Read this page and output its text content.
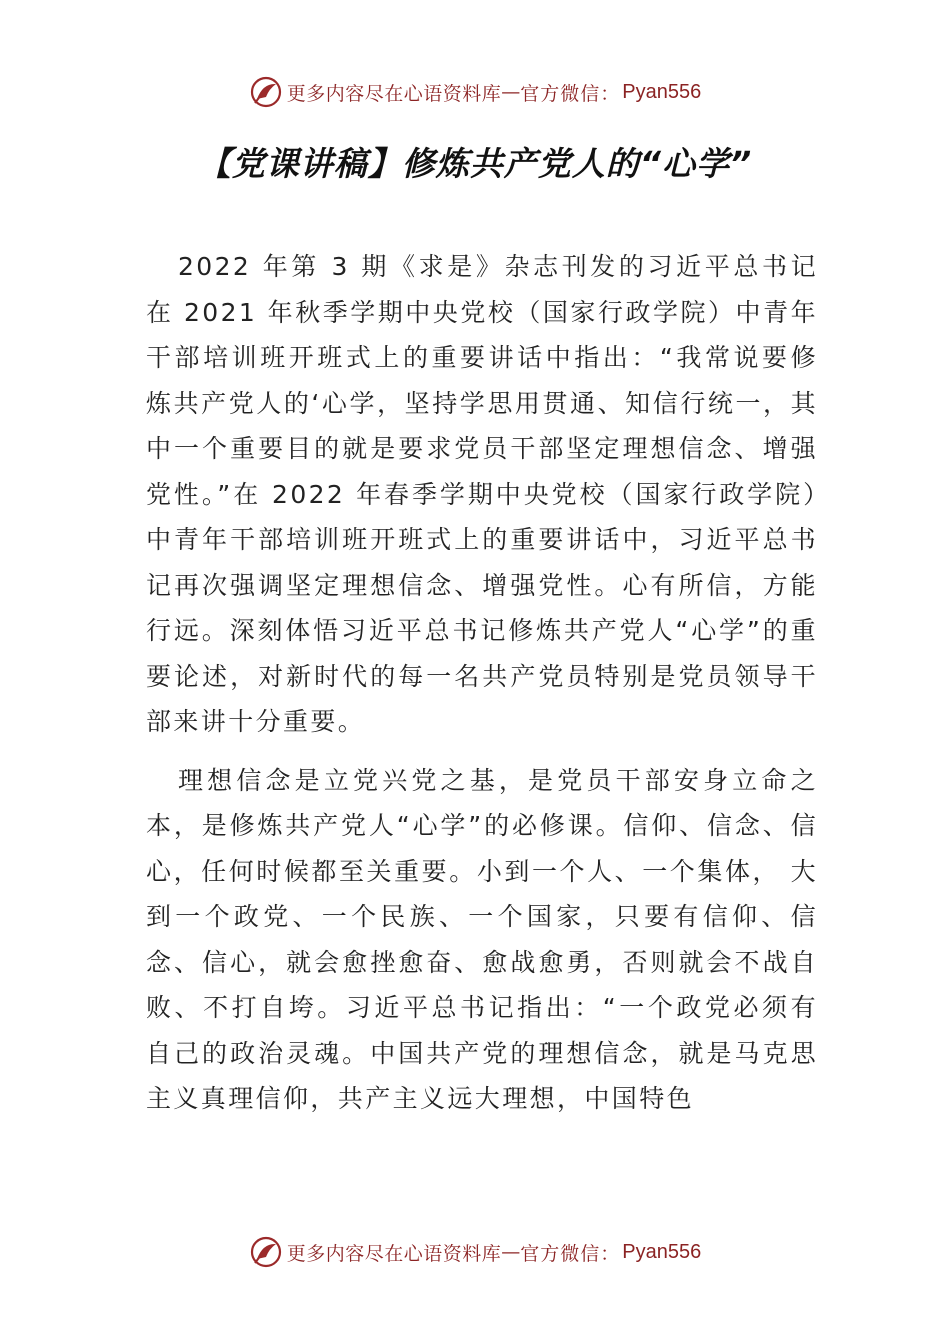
更多内容尽在心语资料库 — 官方微信： Pyan556
【党课讲稿】修炼共产党人的“心学”

2022 年第 3 期《求是》杂志刊发的习近平总书记在 2021 年秋季学期中央党校（国家行政学院）中青年干部培训班开班式上的重要讲话中指出：“我常说要修炼共产党人的‘心学，坚持学思用贯通、知信行统一，其中一个重要目的就是要求党员干部坚定理想信念、增强党性。”在 2022 年春季学期中央党校（国家行政学院）中青年干部培训班开班式上的重要讲话中，习近平总书记再次强调坚定理想信念、增强党性。心有所信，方能行远。深刻体悟习近平总书记修炼共产党人“心学”的重要论述，对新时代的每一名共产党员特别是党员领导干部来讲十分重要。

理想信念是立党兴党之基，是党员干部安身立命之本，是修炼共产党人“心学”的必修课。信仰、信念、信心，任何时候都至关重要。小到一个人、一个集体， 大到一个政党、一个民族、一个国家，只要有信仰、信念、信心，就会愈挫愈奋、愈战愈勇，否则就会不战自败、不打自垮。习近平总书记指出：“一个政党必须有自己的政治灵魂。中国共产党的理想信念，就是马克思主义真理信仰，共产主义远大理想，中国特色

更多内容尽在心语资料库 — 官方微信： Pyan556
